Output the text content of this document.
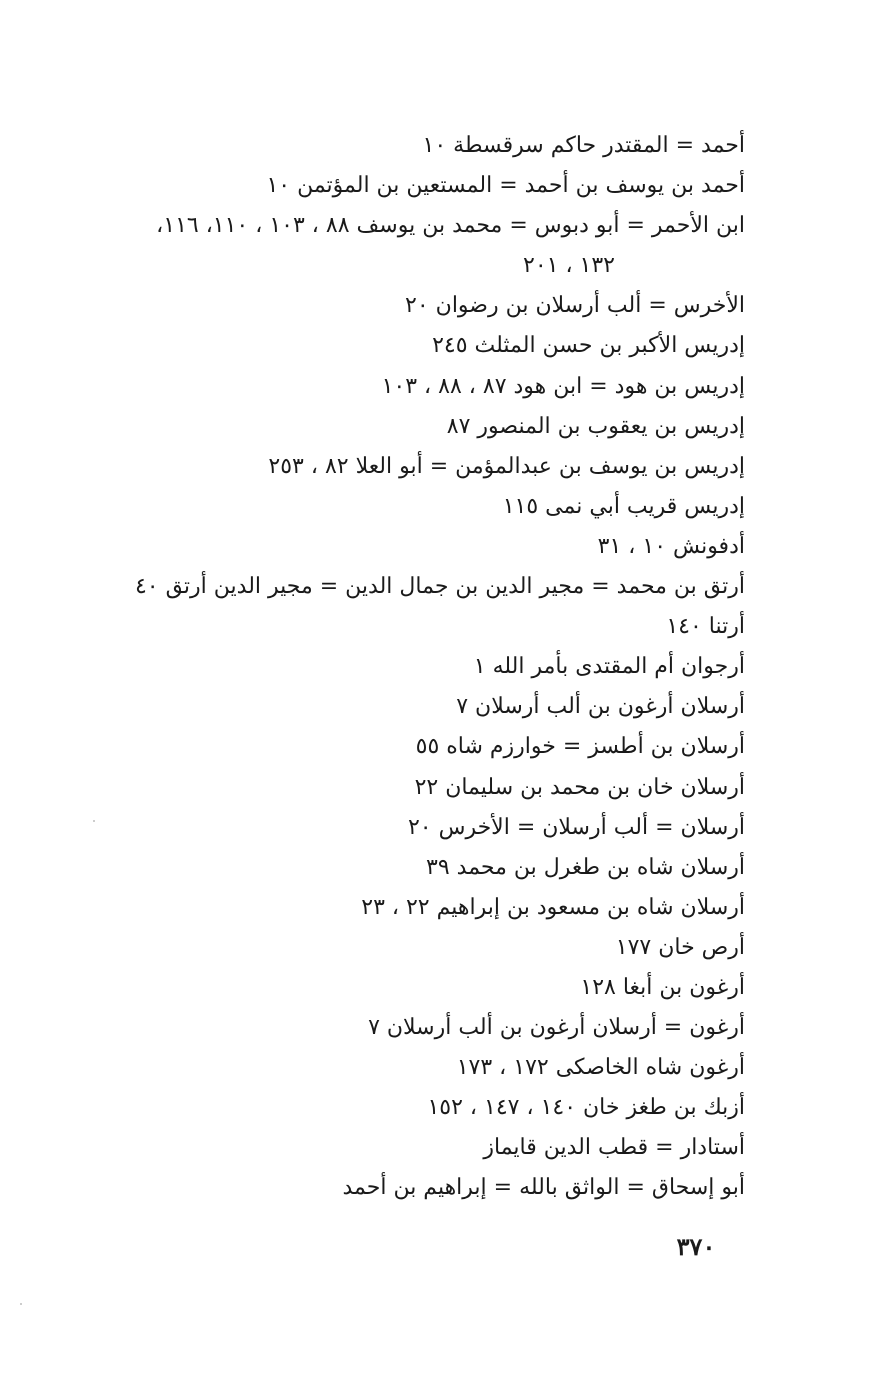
أحمد = المقتدر حاكم سرقسطة ١٠
أحمد بن يوسف بن أحمد = المستعين بن المؤتمن ١٠
ابن الأحمر = أبو دبوس = محمد بن يوسف ٨٨ ، ١٠٣ ، ١١٠، ١١٦،
١٣٢ ، ٢٠١
الأخرس = ألب أرسلان بن رضوان ٢٠
إدريس الأكبر بن حسن المثلث ٢٤٥
إدريس بن هود = ابن هود ٨٧ ، ٨٨ ، ١٠٣
إدريس بن يعقوب بن المنصور ٨٧
إدريس بن يوسف بن عبدالمؤمن = أبو العلا ٨٢ ، ٢٥٣
إدريس قريب أبي نمى ١١٥
أدفونش ١٠ ، ٣١
أرتق بن محمد = مجير الدين بن جمال الدين = مجير الدين أرتق ٤٠
أرتنا ١٤٠
أرجوان أم المقتدى بأمر الله ١
أرسلان أرغون بن ألب أرسلان ٧
أرسلان بن أطسز = خوارزم شاه ٥٥
أرسلان خان بن محمد بن سليمان ٢٢
أرسلان = ألب أرسلان = الأخرس ٢٠
أرسلان شاه بن طغرل بن محمد ٣٩
أرسلان شاه بن مسعود بن إبراهيم ٢٢ ، ٢٣
أرص خان ١٧٧
أرغون بن أبغا ١٢٨
أرغون = أرسلان أرغون بن ألب أرسلان ٧
أرغون شاه الخاصكى ١٧٢ ، ١٧٣
أزبك بن طغز خان ١٤٠ ، ١٤٧ ، ١٥٢
أستادار = قطب الدين قايماز
أبو إسحاق = الواثق بالله = إبراهيم بن أحمد
٣٧٠
